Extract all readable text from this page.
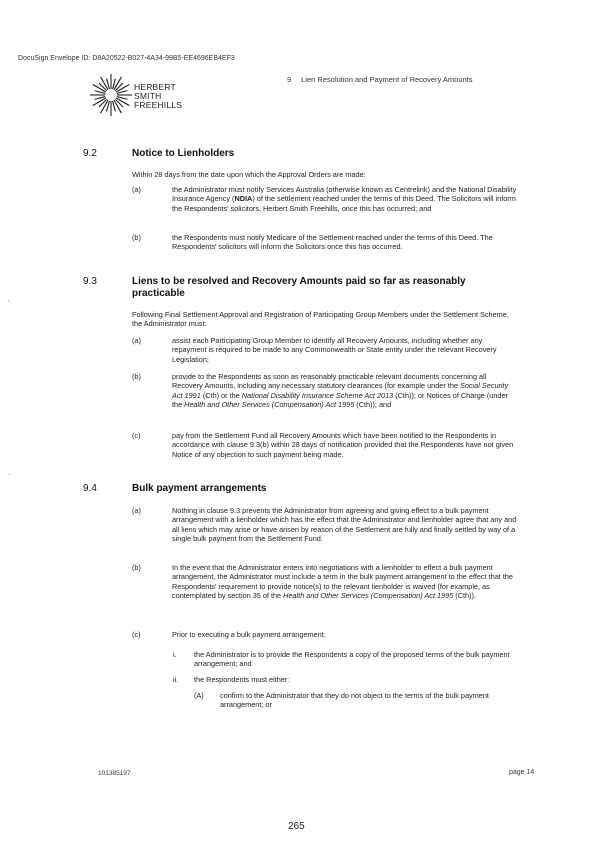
DocuSign Envelope ID: D8A20522-B027-4A34-99B5-EE4696EB4EF3
HERBERT
SMITH
FREEHILLS
9 Lien Resolution and Payment of Recovery Amounts
9.2	Notice to Lienholders
Within 28 days from the date upon which the Approval Orders are made:
(a)	the Administrator must notify Services Australia (otherwise known as Centrelink) and the National Disability Insurance Agency (NDIA) of the settlement reached under the terms of this Deed. The Solicitors will inform the Respondents' solicitors, Herbert Smith Freehills, once this has occurred; and
(b)	the Respondents must notify Medicare of the Settlement reached under the terms of this Deed. The Respondents' solicitors will inform the Solicitors once this has occurred.
9.3	Liens to be resolved and Recovery Amounts paid so far as reasonably practicable
Following Final Settlement Approval and Registration of Participating Group Members under the Settlement Scheme, the Administrator must:
(a)	assist each Participating Group Member to identify all Recovery Amounts, including whether any repayment is required to be made to any Commonwealth or State entity under the relevant Recovery Legislation;
(b)	provide to the Respondents as soon as reasonably practicable relevant documents concerning all Recovery Amounts, including any necessary statutory clearances (for example under the Social Security Act 1991 (Cth) or the National Disability Insurance Scheme Act 2013 (Cth)); or Notices of Charge (under the Health and Other Services (Compensation) Act 1995 (Cth)); and
(c)	pay from the Settlement Fund all Recovery Amounts which have been notified to the Respondents in accordance with clause 9.3(b) within 28 days of notification provided that the Respondents have not given Notice of any objection to such payment being made.
9.4	Bulk payment arrangements
(a)	Nothing in clause 9.3 prevents the Administrator from agreeing and giving effect to a bulk payment arrangement with a lienholder which has the effect that the Administrator and lienholder agree that any and all liens which may arise or have arisen by reason of the Settlement are fully and finally settled by way of a single bulk payment from the Settlement Fund.
(b)	In the event that the Administrator enters into negotiations with a lienholder to effect a bulk payment arrangement, the Administrator must include a term in the bulk payment arrangement to the effect that the Respondents' requirement to provide notice(s) to the relevant lienholder is waived (for example, as contemplated by section 35 of the Health and Other Services (Compensation) Act 1995 (Cth)).
(c)	Prior to executing a bulk payment arrangement:
i. the Administrator is to provide the Respondents a copy of the proposed terms of the bulk payment arrangement; and
ii. the Respondents must either:
(A) confirm to the Administrator that they do not object to the terms of the bulk payment arrangement; or
101385197	page 14
265
